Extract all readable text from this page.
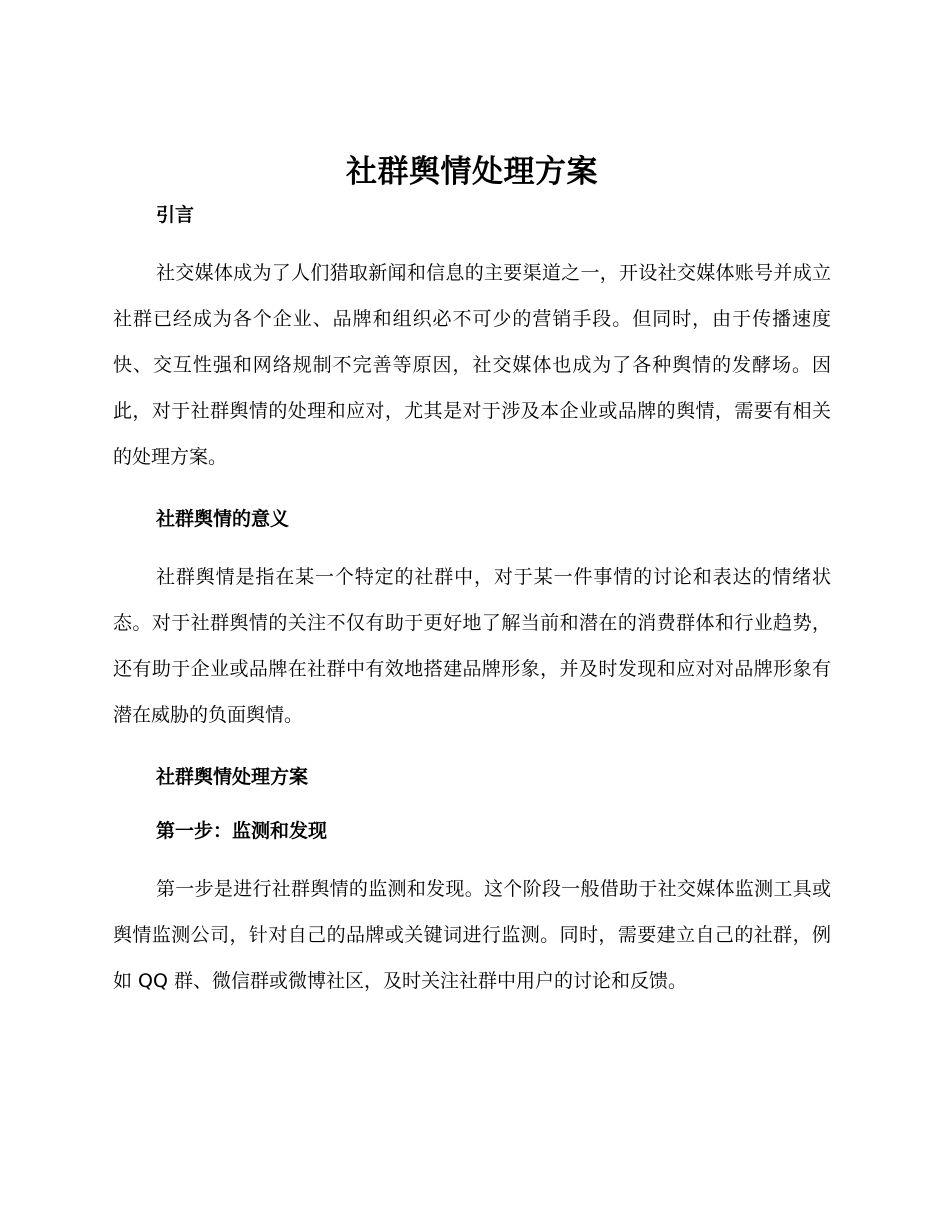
社群舆情处理方案
引言

社交媒体成为了人们猎取新闻和信息的主要渠道之一，开设社交媒体账号并成立社群已经成为各个企业、品牌和组织必不可少的营销手段。但同时，由于传播速度快、交互性强和网络规制不完善等原因，社交媒体也成为了各种舆情的发酵场。因此，对于社群舆情的处理和应对，尤其是对于涉及本企业或品牌的舆情，需要有相关的处理方案。

社群舆情的意义

社群舆情是指在某一个特定的社群中，对于某一件事情的讨论和表达的情绪状态。对于社群舆情的关注不仅有助于更好地了解当前和潜在的消费群体和行业趋势，还有助于企业或品牌在社群中有效地搭建品牌形象，并及时发现和应对对品牌形象有潜在威胁的负面舆情。

社群舆情处理方案
第一步：监测和发现

第一步是进行社群舆情的监测和发现。这个阶段一般借助于社交媒体监测工具或舆情监测公司，针对自己的品牌或关键词进行监测。同时，需要建立自己的社群，例如 QQ 群、微信群或微博社区，及时关注社群中用户的讨论和反馈。
